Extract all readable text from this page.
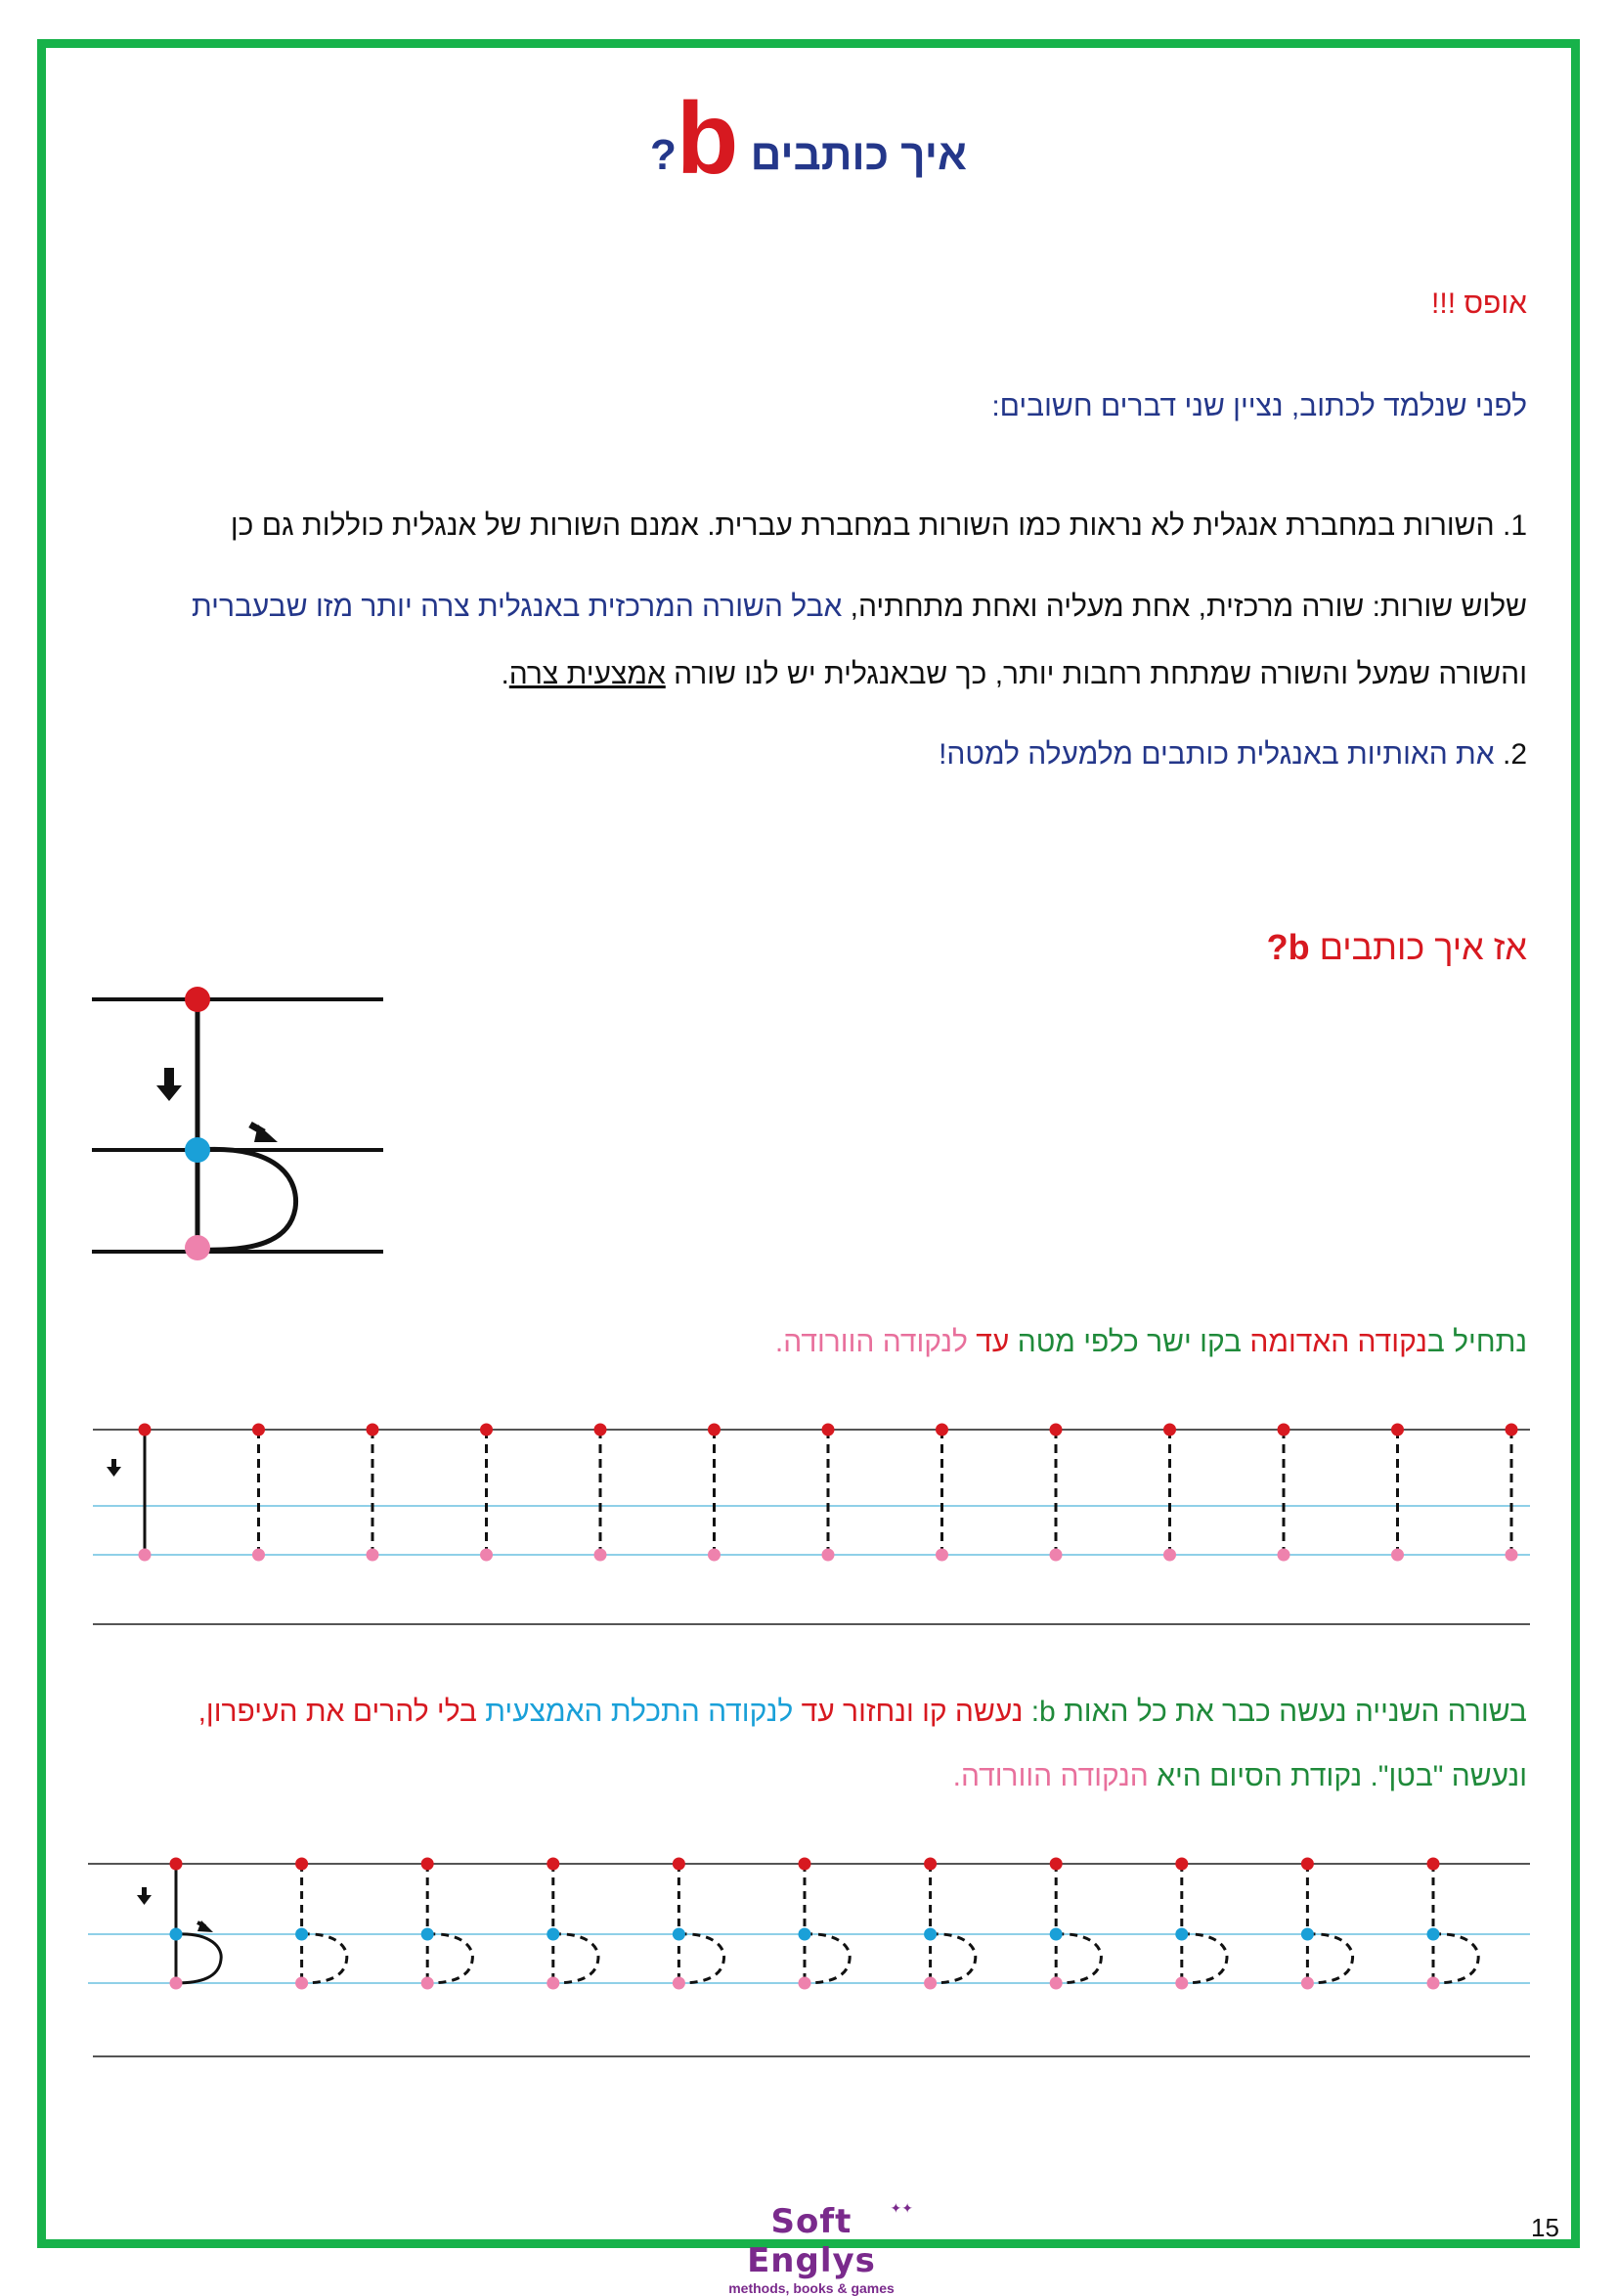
איך כותבים b?
אופס !!!
לפני שנלמד לכתוב, נציין שני דברים חשובים:
1. השורות במחברת אנגלית לא נראות כמו השורות במחברת עברית. אמנם השורות של אנגלית כוללות גם כן
שלוש שורות: שורה מרכזית, אחת מעליה ואחת מתחתיה, אבל השורה המרכזית באנגלית צרה יותר מזו שבעברית
והשורה שמעל והשורה שמתחת רחבות יותר, כך שבאנגלית יש לנו שורה אמצעית צרה.
2. את האותיות באנגלית כותבים מלמעלה למטה!
אז איך כותבים b?
נתחיל בנקודה האדומה בקו ישר כלפי מטה עד לנקודה הוורודה.
בשורה השנייה נעשה כבר את כל האות b: נעשה קו ונחזור עד לנקודה התכלת האמצעית בלי להרים את העיפרון,
ונעשה "בטן". נקודת הסיום היא הנקודה הוורודה.
✦✦
Soft Englys
methods, books & games
15
